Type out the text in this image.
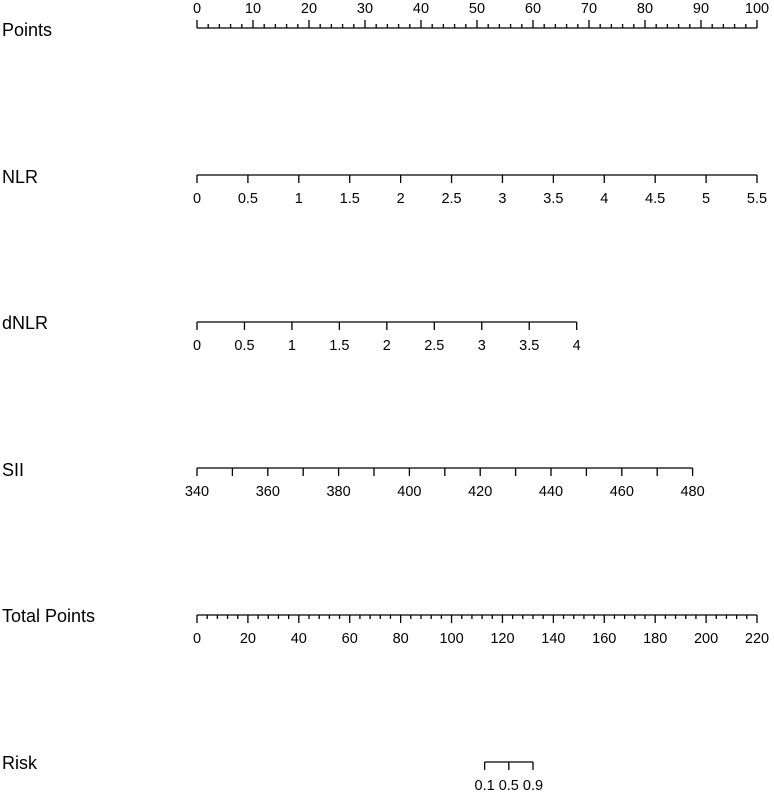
Points
NLR
dNLR
SII
Total Points
Risk
0	10	20	30	40	50	60	70	80	90 100
0	0.5	1	1.5	2	2.5	3	3.5	4	4.5	5	5.5
0 0.5 1 1.5 2 2.5 3 3.5 4
340	360	380	400	420	440	460	480
0	20 40 60 80 100 120 140 160 180 200 220
0.1 0.5 0.9
